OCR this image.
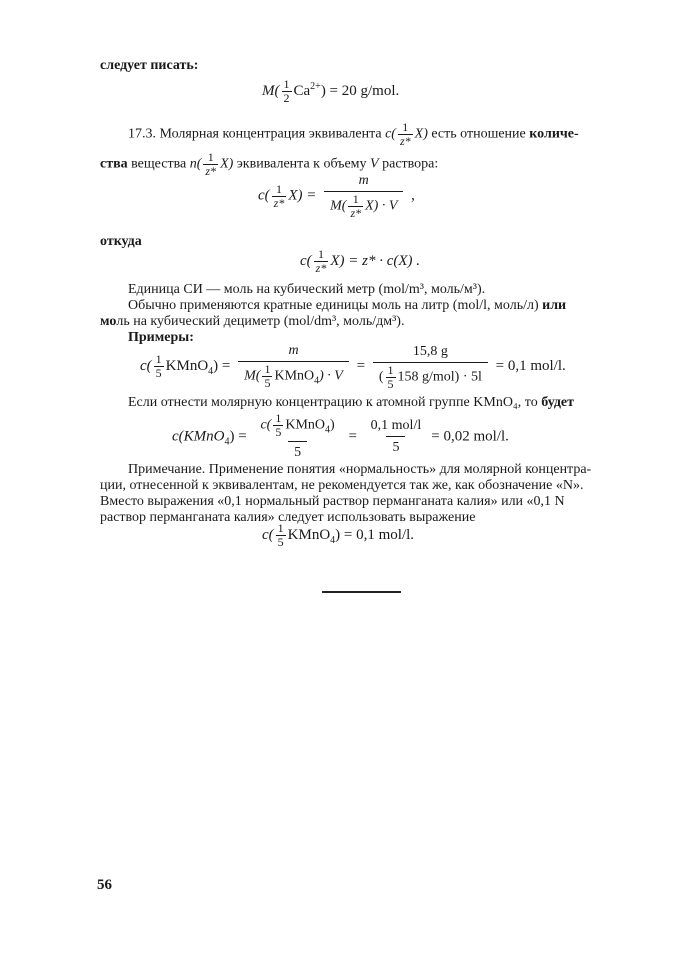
следует писать:
$M( \frac{1}{2} Ca^{2+}) = 20$ g/mol.
17.3. Молярная концентрация эквивалента $c( \frac{1}{z*} X)$ есть отношение количе-
ства вещества $n( \frac{1}{z*} X)$ эквивалента к объему V раствора:
$c( \frac{1}{z*} X) = \frac{m}{M( \frac{1}{z*} X) \cdot V}$ ,
откуда
$c( \frac{1}{z*} X) = z* \cdot c(X)$ .
Единица СИ — моль на кубический метр (mol/m³, моль/м³).
Обычно применяются кратные единицы моль на литр (mol/l, моль/л) или
моль на кубический дециметр (mol/dm³, моль/дм³).
Примеры:
$c( \frac{1}{5}$ KMnO$_4$) = $\frac{m}{M( \frac{1}{5} KMnO_4) \cdot V} = \frac{15,8 g}{( \frac{1}{5} 158 g/mol) \cdot 5l} = 0,1$ mol/l.
Если отнести молярную концентрацию к атомной группе KMnO₄, то будет
c(KMnO$_4$) = $\frac{c( \frac{1}{5} KMnO_4)}{5} = \frac{\text{0,1 mol/l}}{5} = 0,02$ mol/l.
Примечание. Применение понятия «нормальность» для молярной концентра-
ции, отнесенной к эквивалентам, не рекомендуется так же, как обозначение «N».
Вместо выражения «0,1 нормальный раствор перманганата калия» или «0,1 N
раствор перманганата калия» следует использовать выражение
$c( \frac{1}{5}$ KMnO$_4$) = 0,1 mol/l.
56
